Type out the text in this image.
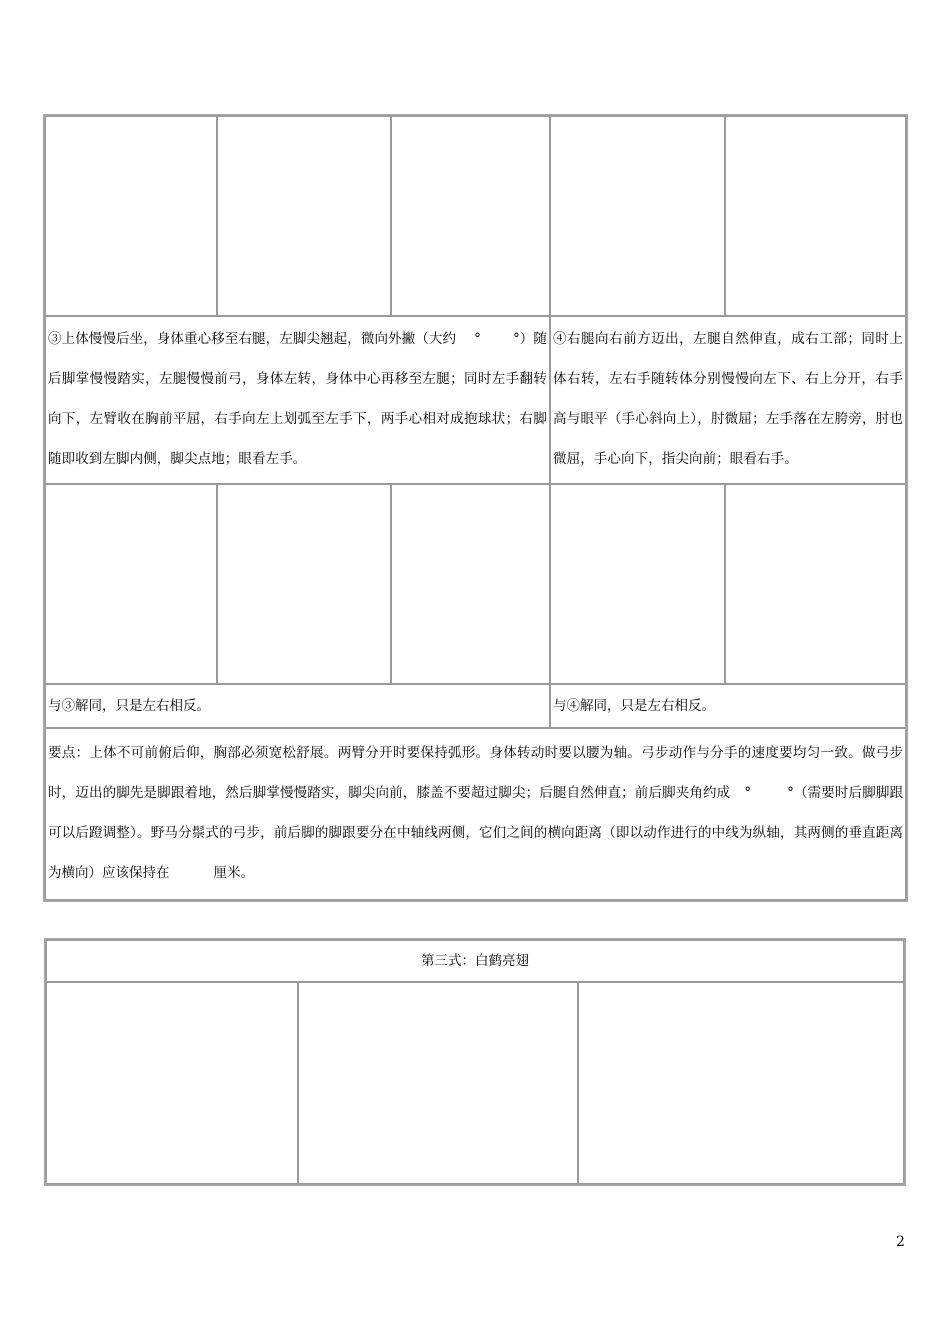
③上体慢慢后坐，身体重心移至右腿，左脚尖翘起，微向外撇（大约 ° °）随后脚掌慢慢踏实，左腿慢慢前弓，身体左转，身体中心再移至左腿；同时左手翻转向下，左臂收在胸前平屈，右手向左上划弧至左手下，两手心相对成抱球状；右脚随即收到左脚内侧，脚尖点地；眼看左手。			④右腿向右前方迈出，左腿自然伸直，成右工部；同时上体右转，左右手随转体分别慢慢向左下、右上分开，右手高与眼平（手心斜向上），肘微屈；左手落在左胯旁，肘也微屈，手心向下，指尖向前；眼看右手。	

与③解同，只是左右相反。			与④解同，只是左右相反。	
要点：上体不可前俯后仰，胸部必须宽松舒展。两臂分开时要保持弧形。身体转动时要以腰为轴。弓步动作与分手的速度要均匀一致。做弓步时，迈出的脚先是脚跟着地，然后脚掌慢慢踏实，脚尖向前，膝盖不要超过脚尖；后腿自然伸直；前后脚夹角约成 ° °（需要时后脚脚跟可以后蹬调整）。野马分鬃式的弓步，前后脚的脚跟要分在中轴线两侧，它们之间的横向距离（即以动作进行的中线为纵轴，其两侧的垂直距离为横向）应该保持在 厘米。				
第三式：白鹤亮翅

2
